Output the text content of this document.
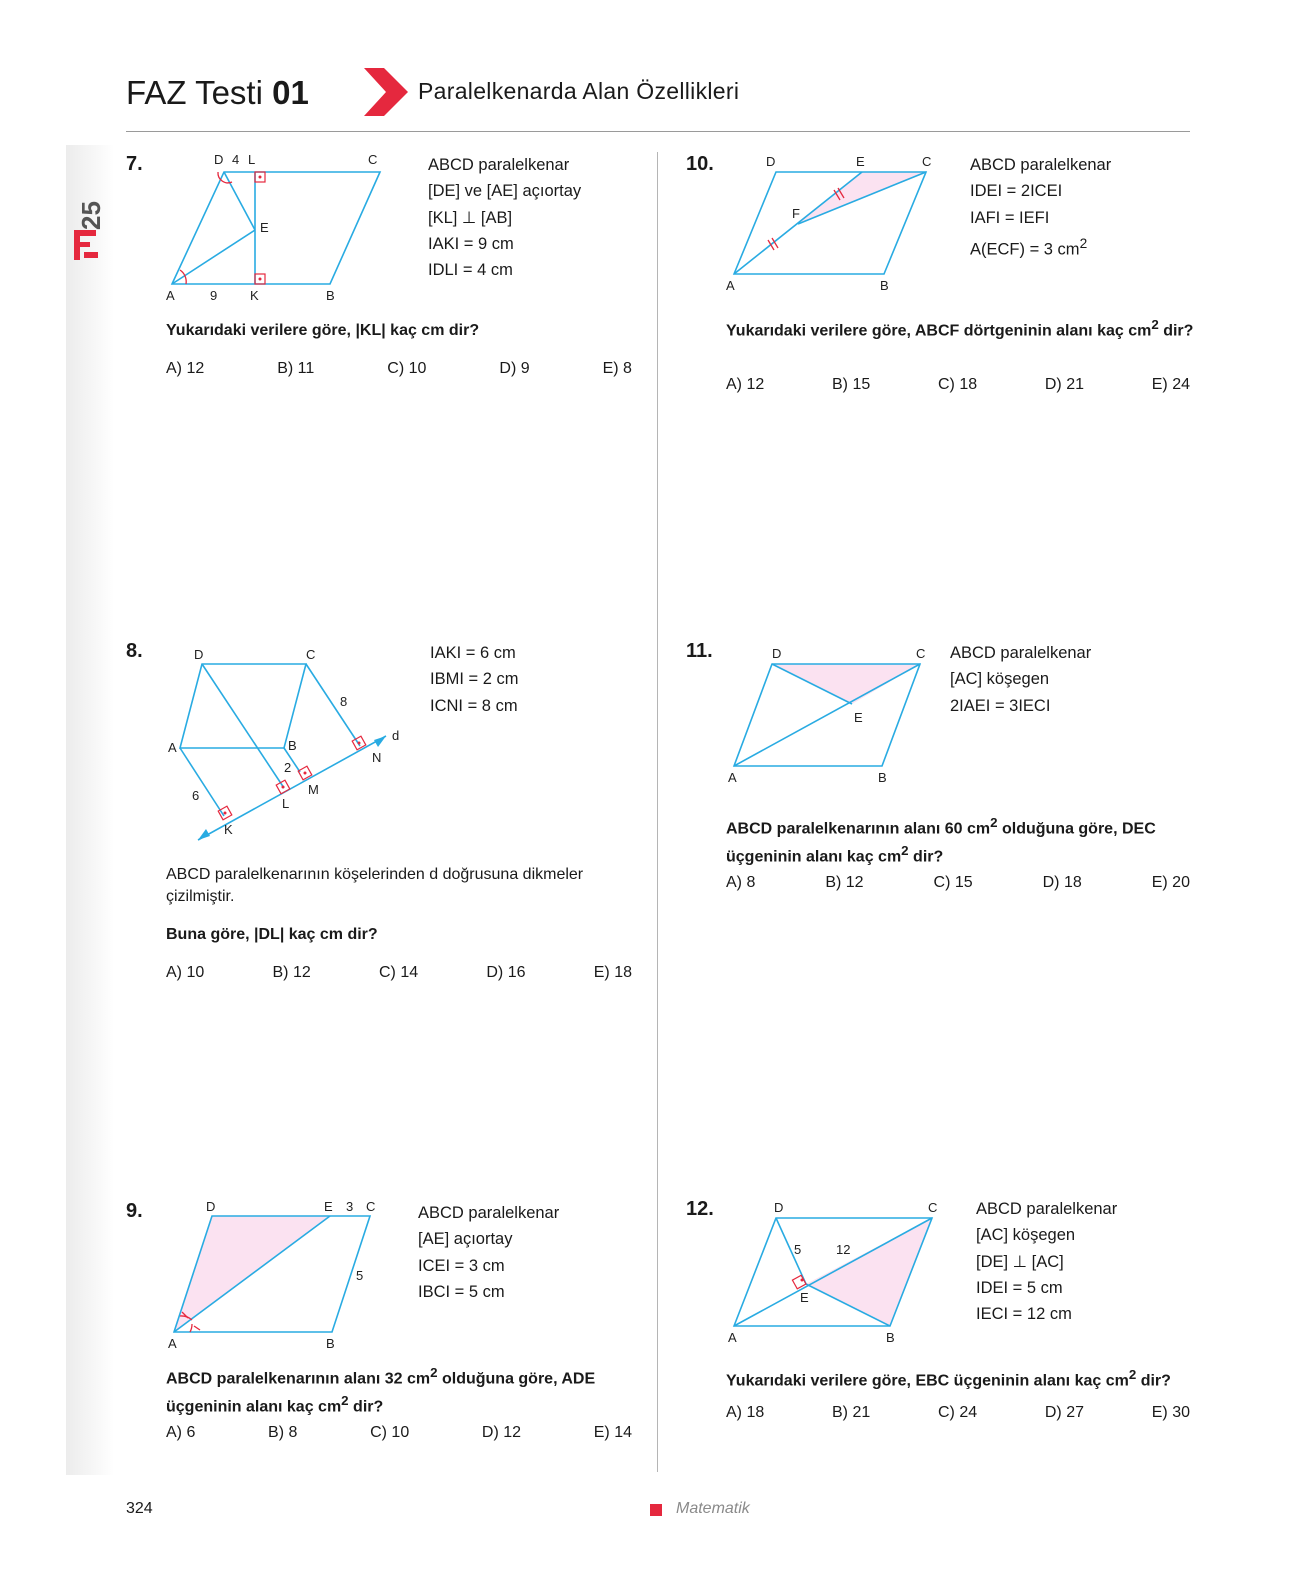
25
FAZ Testi 01	Paralelkenarda Alan Özellikleri
7.	D 4 L	C
E
A	9	K	B
ABCD paralelkenar
[DE] ve [AE] açıortay
[KL] ⊥ [AB]
IAKI = 9 cm
IDLI = 4 cm
Yukarıdaki verilere göre, |KL| kaç cm dir?
A) 12	B) 11	C) 10	D) 9	E) 8
8.	D	C
A	B
8
d
N
2
M
6
L
K
IAKI = 6 cm
IBMI = 2 cm
ICNI = 8 cm
ABCD paralelkenarının köşelerinden d doğrusuna dikmeler çizilmiştir.
Buna göre, |DL| kaç cm dir?
A) 10	B) 12	C) 14	D) 16	E) 18
9.	D	E 3 C
5
A	B
ABCD paralelkenar
[AE] açıortay
ICEI = 3 cm
IBCI = 5 cm
ABCD paralelkenarının alanı 32 $cm^2$ olduğuna göre, ADE üçgeninin alanı kaç $cm^2$ dir?
A) 6	B) 8	C) 10	D) 12	E) 14
10.	D	E	C
F
A	B
ABCD paralelkenar
IDEI = 2ICEI
IAFI = IEFI
A(ECF) = 3 $cm^2$
Yukarıdaki verilere göre, ABCF dörtgeninin alanı kaç $cm^2$ dir?
A) 12	B) 15	C) 18	D) 21	E) 24
11.	D	C
E
A	B
ABCD paralelkenar
[AC] köşegen
2IAEI = 3IECI
ABCD paralelkenarının alanı 60 $cm^2$ olduğuna göre, DEC üçgeninin alanı kaç $cm^2$ dir?
A) 8	B) 12	C) 15	D) 18	E) 20
12.	D	C
5	12
E
A	B
ABCD paralelkenar
[AC] köşegen
[DE] ⊥ [AC]
IDEI = 5 cm
IECI = 12 cm
Yukarıdaki verilere göre, EBC üçgeninin alanı kaç $cm^2$ dir?
A) 18	B) 21	C) 24	D) 27	E) 30
324	Matematik
